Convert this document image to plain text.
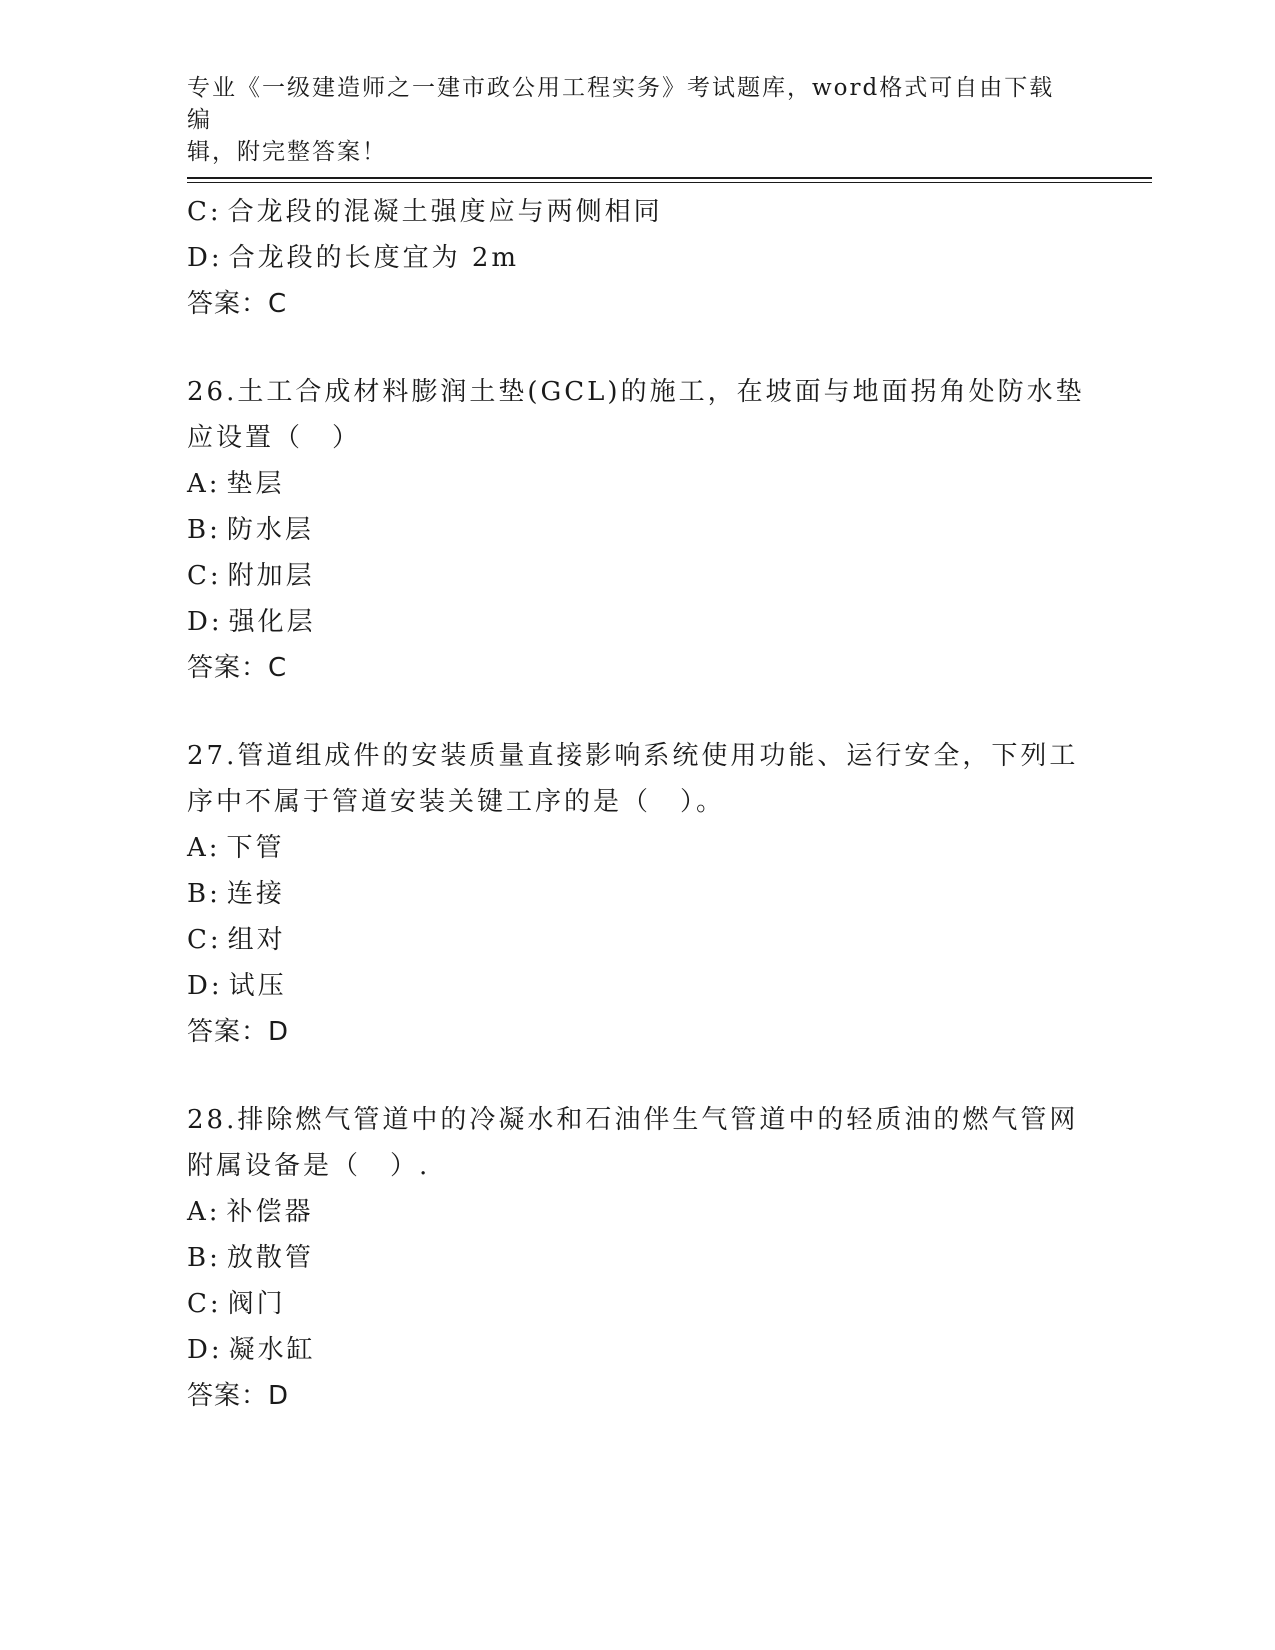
专业《一级建造师之一建市政公用工程实务》考试题库，word格式可自由下载编
辑，附完整答案！
C: 合龙段的混凝土强度应与两侧相同
D: 合龙段的长度宜为 2m
答案：C
26.土工合成材料膨润土垫(GCL)的施工，在坡面与地面拐角处防水垫
应设置（　）
A: 垫层
B: 防水层
C: 附加层
D: 强化层
答案：C
27.管道组成件的安装质量直接影响系统使用功能、运行安全，下列工
序中不属于管道安装关键工序的是（　）。
A: 下管
B: 连接
C: 组对
D: 试压
答案：D
28.排除燃气管道中的冷凝水和石油伴生气管道中的轻质油的燃气管网
附属设备是（　）.
A: 补偿器
B: 放散管
C: 阀门
D: 凝水缸
答案：D
